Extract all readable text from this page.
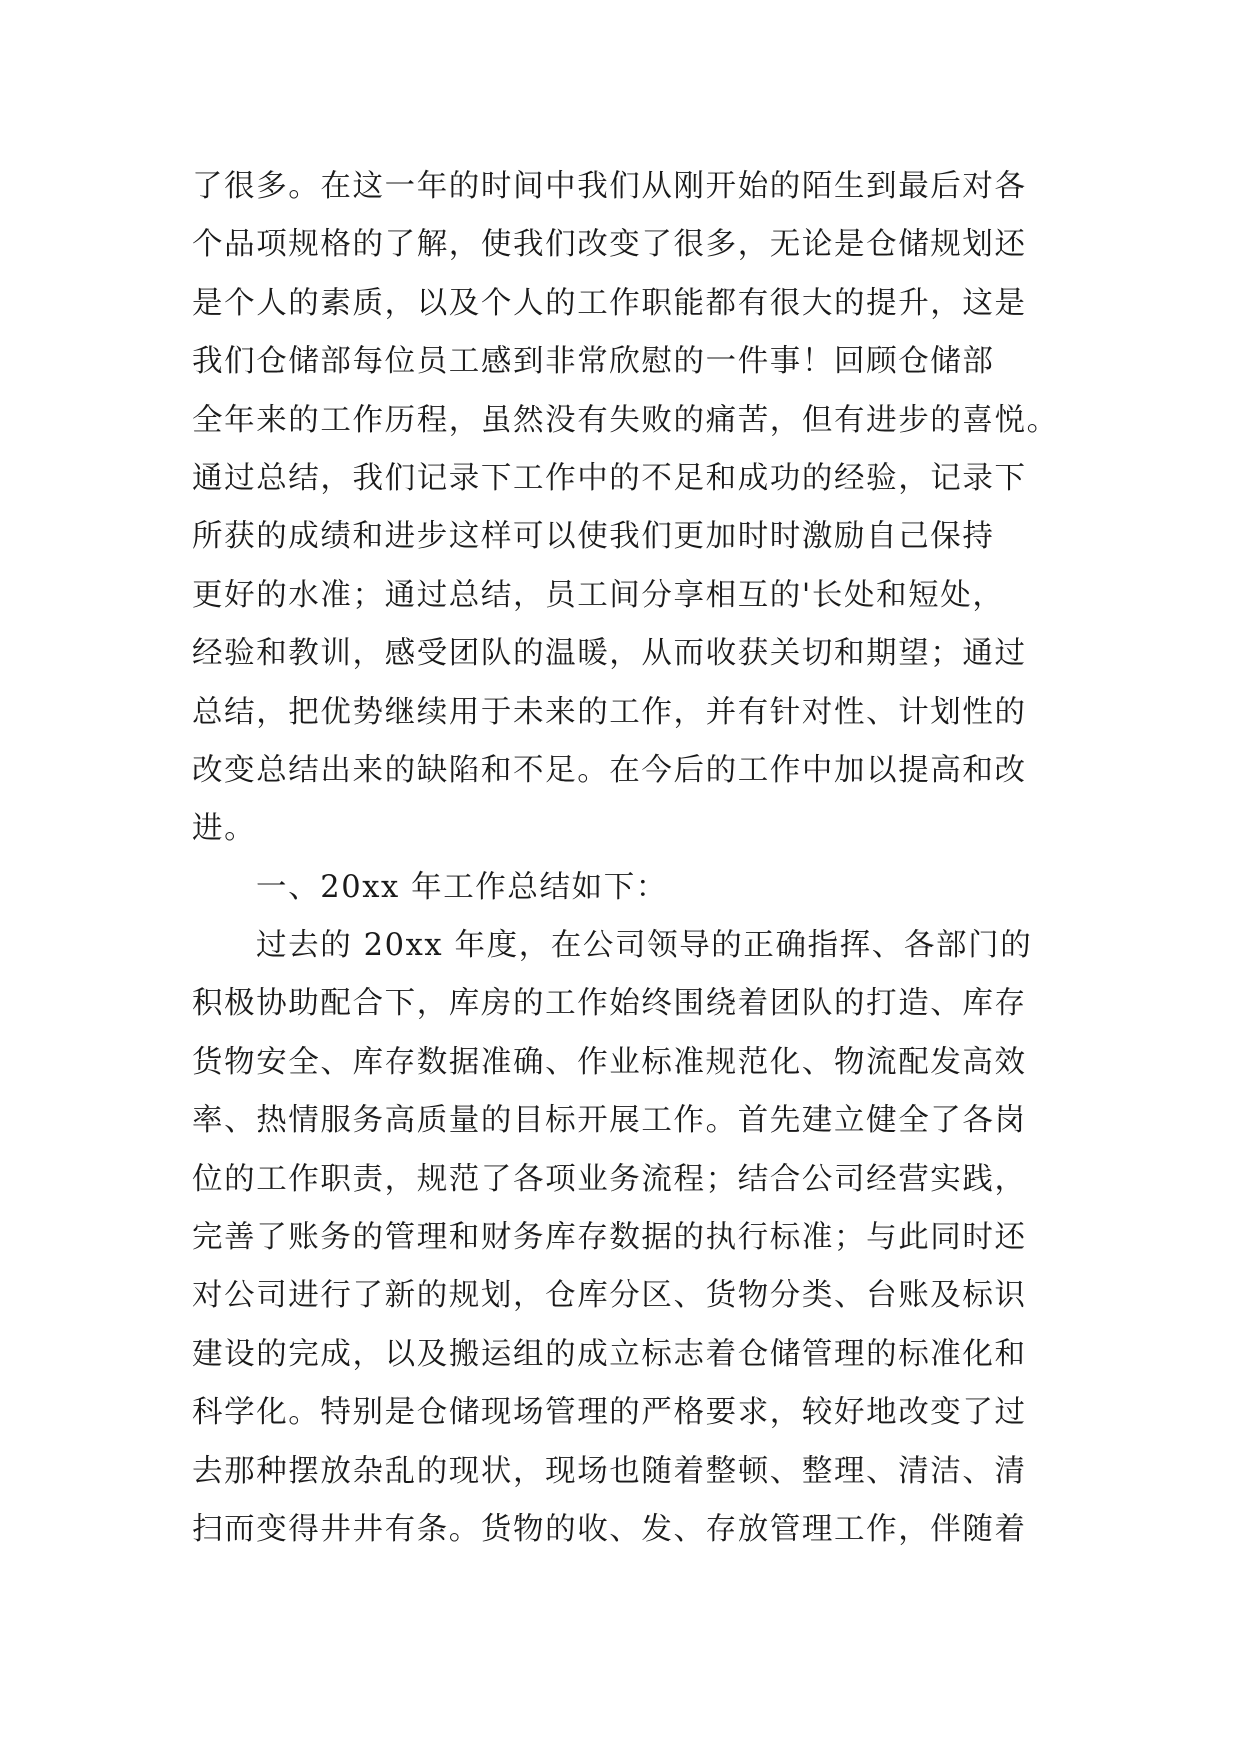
了很多。在这一年的时间中我们从刚开始的陌生到最后对各
个品项规格的了解，使我们改变了很多，无论是仓储规划还
是个人的素质，以及个人的工作职能都有很大的提升，这是
我们仓储部每位员工感到非常欣慰的一件事！回顾仓储部
全年来的工作历程，虽然没有失败的痛苦，但有进步的喜悦。
通过总结，我们记录下工作中的不足和成功的经验，记录下
所获的成绩和进步这样可以使我们更加时时激励自己保持
更好的水准；通过总结，员工间分享相互的'长处和短处，
经验和教训，感受团队的温暖，从而收获关切和期望；通过
总结，把优势继续用于未来的工作，并有针对性、计划性的
改变总结出来的缺陷和不足。在今后的工作中加以提高和改
进。
一、20xx 年工作总结如下：
过去的 20xx 年度，在公司领导的正确指挥、各部门的
积极协助配合下，库房的工作始终围绕着团队的打造、库存
货物安全、库存数据准确、作业标准规范化、物流配发高效
率、热情服务高质量的目标开展工作。首先建立健全了各岗
位的工作职责，规范了各项业务流程；结合公司经营实践，
完善了账务的管理和财务库存数据的执行标准；与此同时还
对公司进行了新的规划，仓库分区、货物分类、台账及标识
建设的完成，以及搬运组的成立标志着仓储管理的标准化和
科学化。特别是仓储现场管理的严格要求，较好地改变了过
去那种摆放杂乱的现状，现场也随着整顿、整理、清洁、清
扫而变得井井有条。货物的收、发、存放管理工作，伴随着
